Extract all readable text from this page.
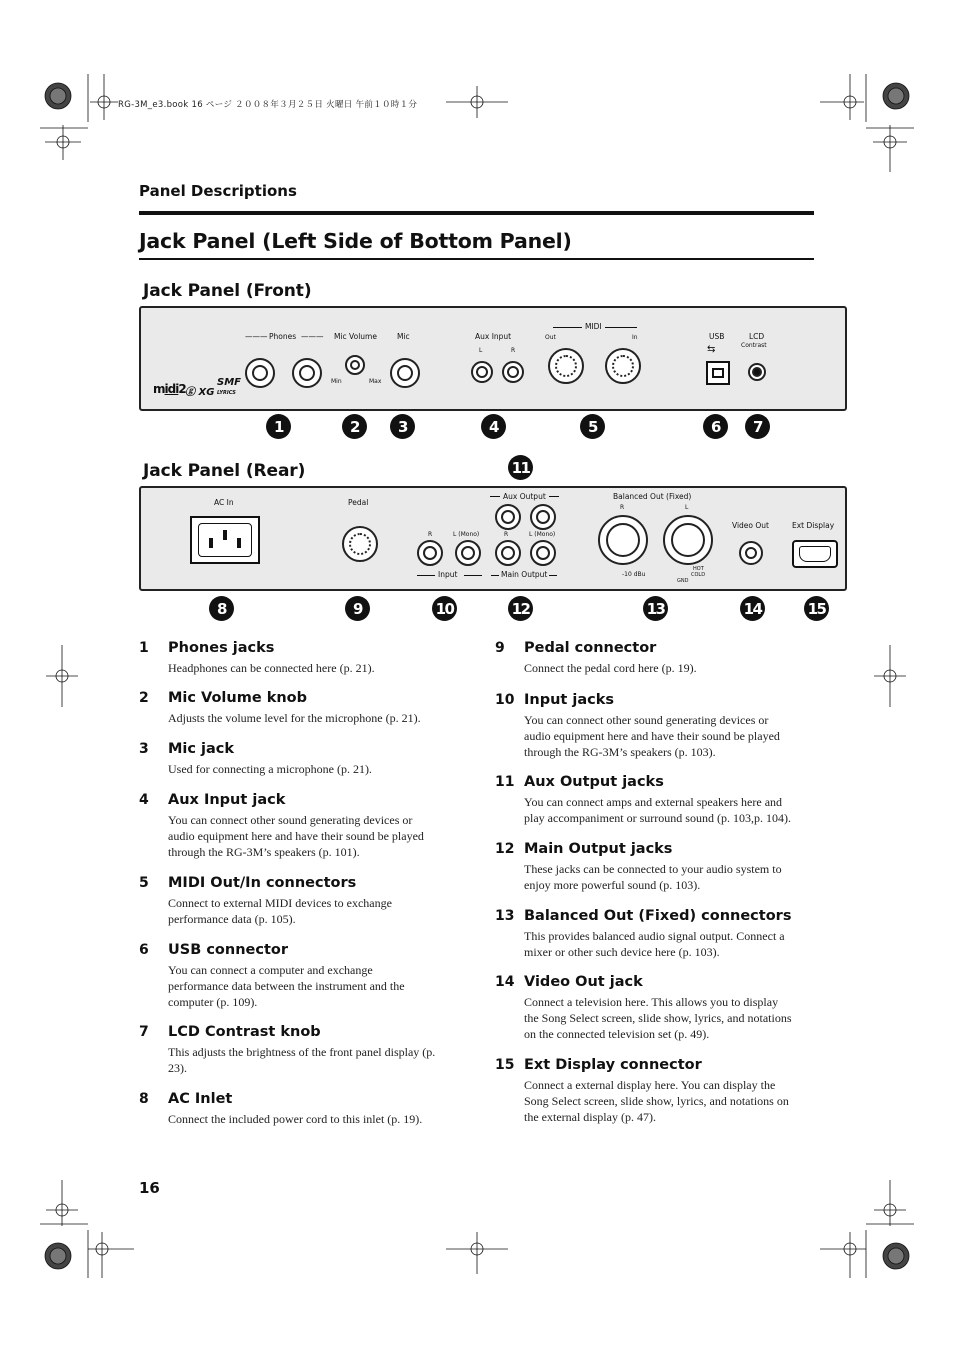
RG-3M_e3.book 16 ページ ２００８年３月２５日 火曜日 午前１０時１分
Panel Descriptions
Jack Panel (Left Side of Bottom Panel)
Jack Panel (Front)
——— Phones ——— Mic Volume
Min	Max
Mic
midi2 ⓖ XG
SMF
LYRICS
Aux Input
L	R
MIDI
Out	In	USB
⇆
LCD
Contrast
1	2	3	4	5	6	7
Jack Panel (Rear)	11
AC In	Pedal
Aux Output
R	L (Mono)	R	L (Mono)
Input	Main Output
Balanced Out (Fixed)
R	L
-10 dBu
HOT
COLD
GND
Video Out	Ext Display
8	9	10	12	13	14	15
1 Phones jacks
Headphones can be connected here (p. 21).
2 Mic Volume knob
Adjusts the volume level for the microphone (p. 21).
3 Mic jack
Used for connecting a microphone (p. 21).
4 Aux Input jack
You can connect other sound generating devices or
audio equipment here and have their sound be played
through the RG-3M’s speakers (p. 101).
5 MIDI Out/In connectors
Connect to external MIDI devices to exchange
performance data (p. 105).
6 USB connector
You can connect a computer and exchange
performance data between the instrument and the
computer (p. 109).
7 LCD Contrast knob
This adjusts the brightness of the front panel display (p.
23).
8 AC Inlet
Connect the included power cord to this inlet (p. 19).
9 Pedal connector
Connect the pedal cord here (p. 19).
10 Input jacks
You can connect other sound generating devices or
audio equipment here and have their sound be played
through the RG-3M’s speakers (p. 103).
11 Aux Output jacks
You can connect amps and external speakers here and
play accompaniment or surround sound (p. 103,p. 104).
12 Main Output jacks
These jacks can be connected to your audio system to
enjoy more powerful sound (p. 103).
13 Balanced Out (Fixed) connectors
This provides balanced audio signal output. Connect a
mixer or other such device here (p. 103).
14 Video Out jack
Connect a television here. This allows you to display
the Song Select screen, slide show, lyrics, and notations
on the connected television set (p. 49).
15 Ext Display connector
Connect a external display here. You can display the
Song Select screen, slide show, lyrics, and notations on
the external display (p. 47).
16
